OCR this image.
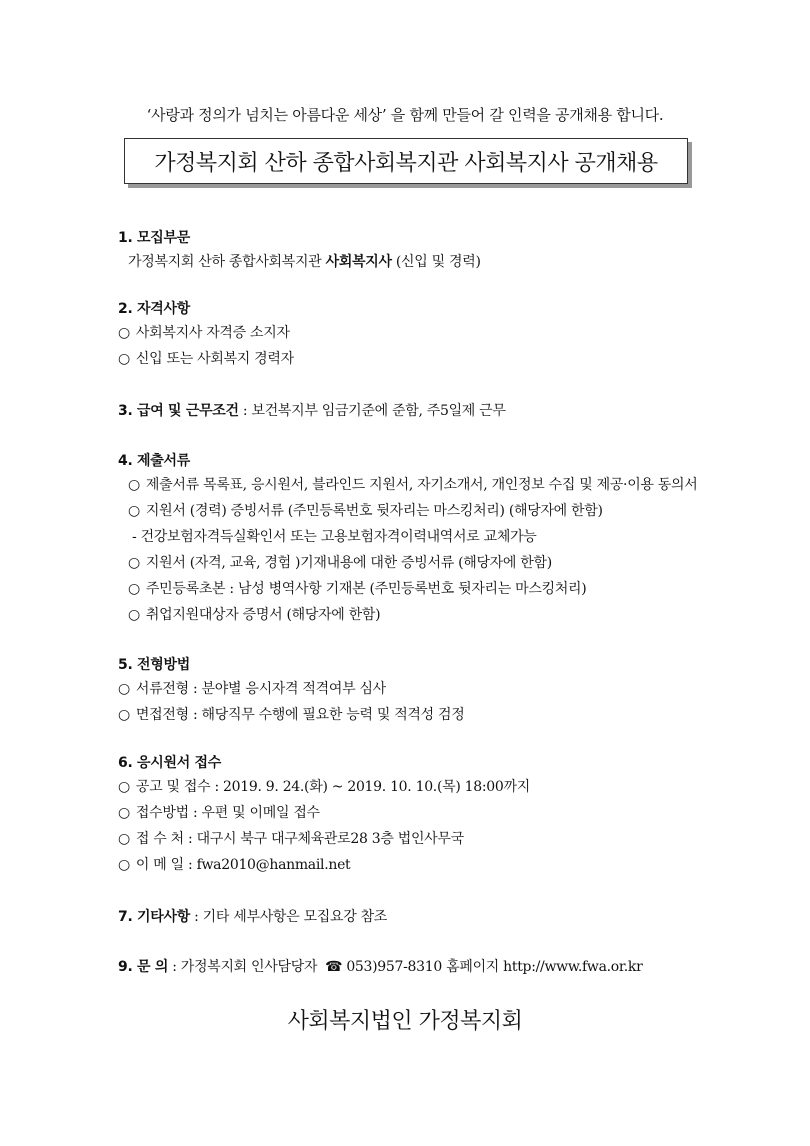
‘사랑과 정의가 넘치는 아름다운 세상’ 을 함께 만들어 갈 인력을 공개채용 합니다.
가정복지회 산하 종합사회복지관 사회복지사 공개채용
1. 모집부문
가정복지회 산하 종합사회복지관 사회복지사 (신입 및 경력)
2. 자격사항
○ 사회복지사 자격증 소지자
○ 신입 또는 사회복지 경력자
3. 급여 및 근무조건 : 보건복지부 임금기준에 준함, 주5일제 근무
4. 제출서류
○ 제출서류 목록표, 응시원서, 블라인드 지원서, 자기소개서, 개인정보 수집 및 제공·이용 동의서
○ 지원서 (경력) 증빙서류 (주민등록번호 뒷자리는 마스킹처리) (해당자에 한함)
- 건강보험자격득실확인서 또는 고용보험자격이력내역서로 교체가능
○ 지원서 (자격, 교육, 경험 )기재내용에 대한 증빙서류 (해당자에 한함)
○ 주민등록초본 : 남성 병역사항 기재본 (주민등록번호 뒷자리는 마스킹처리)
○ 취업지원대상자 증명서 (해당자에 한함)
5. 전형방법
○ 서류전형 : 분야별 응시자격 적격여부 심사
○ 면접전형 : 해당직무 수행에 필요한 능력 및 적격성 검정
6. 응시원서 접수
○ 공고 및 접수 : 2019. 9. 24.(화) ~ 2019. 10. 10.(목) 18:00까지
○ 접수방법 : 우편 및 이메일 접수
○ 접 수 처 : 대구시 북구 대구체육관로28 3층 법인사무국
○ 이 메 일 : fwa2010@hanmail.net
7. 기타사항 : 기타 세부사항은 모집요강 참조
9. 문 의 : 가정복지회 인사담당자 ☎ 053)957-8310 홈페이지 http://www.fwa.or.kr
사회복지법인 가정복지회
